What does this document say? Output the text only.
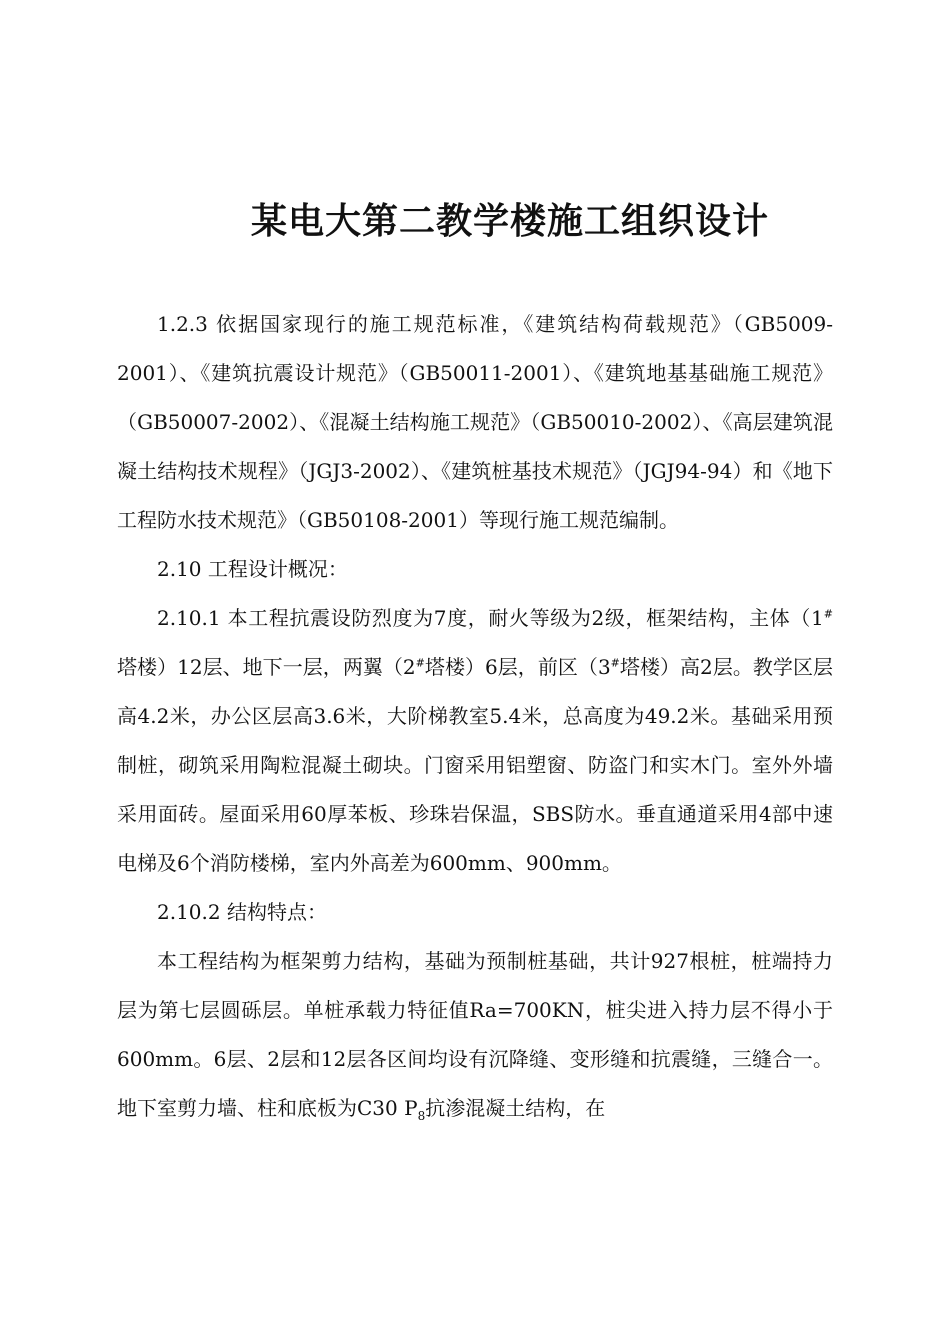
某电大第二教学楼施工组织设计

1.2.3 依据国家现行的施工规范标准，《建筑结构荷载规范》（GB5009-2001）、《建筑抗震设计规范》（GB50011-2001）、《建筑地基基础施工规范》（GB50007-2002）、《混凝土结构施工规范》（GB50010-2002）、《高层建筑混凝土结构技术规程》（JGJ3-2002）、《建筑桩基技术规范》（JGJ94-94）和《地下工程防水技术规范》（GB50108-2001）等现行施工规范编制。

2.10 工程设计概况：

2.10.1 本工程抗震设防烈度为7度，耐火等级为2级，框架结构，主体（1#塔楼）12层、地下一层，两翼（2#塔楼）6层，前区（3#塔楼）高2层。教学区层高4.2米，办公区层高3.6米，大阶梯教室5.4米，总高度为49.2米。基础采用预制桩，砌筑采用陶粒混凝土砌块。门窗采用铝塑窗、防盗门和实木门。室外外墙采用面砖。屋面采用60厚苯板、珍珠岩保温，SBS防水。垂直通道采用4部中速电梯及6个消防楼梯，室内外高差为600mm、900mm。

2.10.2 结构特点：

本工程结构为框架剪力结构，基础为预制桩基础，共计927根桩，桩端持力层为第七层圆砾层。单桩承载力特征值Ra=700KN，桩尖进入持力层不得小于600mm。6层、2层和12层各区间均设有沉降缝、变形缝和抗震缝，三缝合一。地下室剪力墙、柱和底板为C30 $P_8$抗渗混凝土结构，在
